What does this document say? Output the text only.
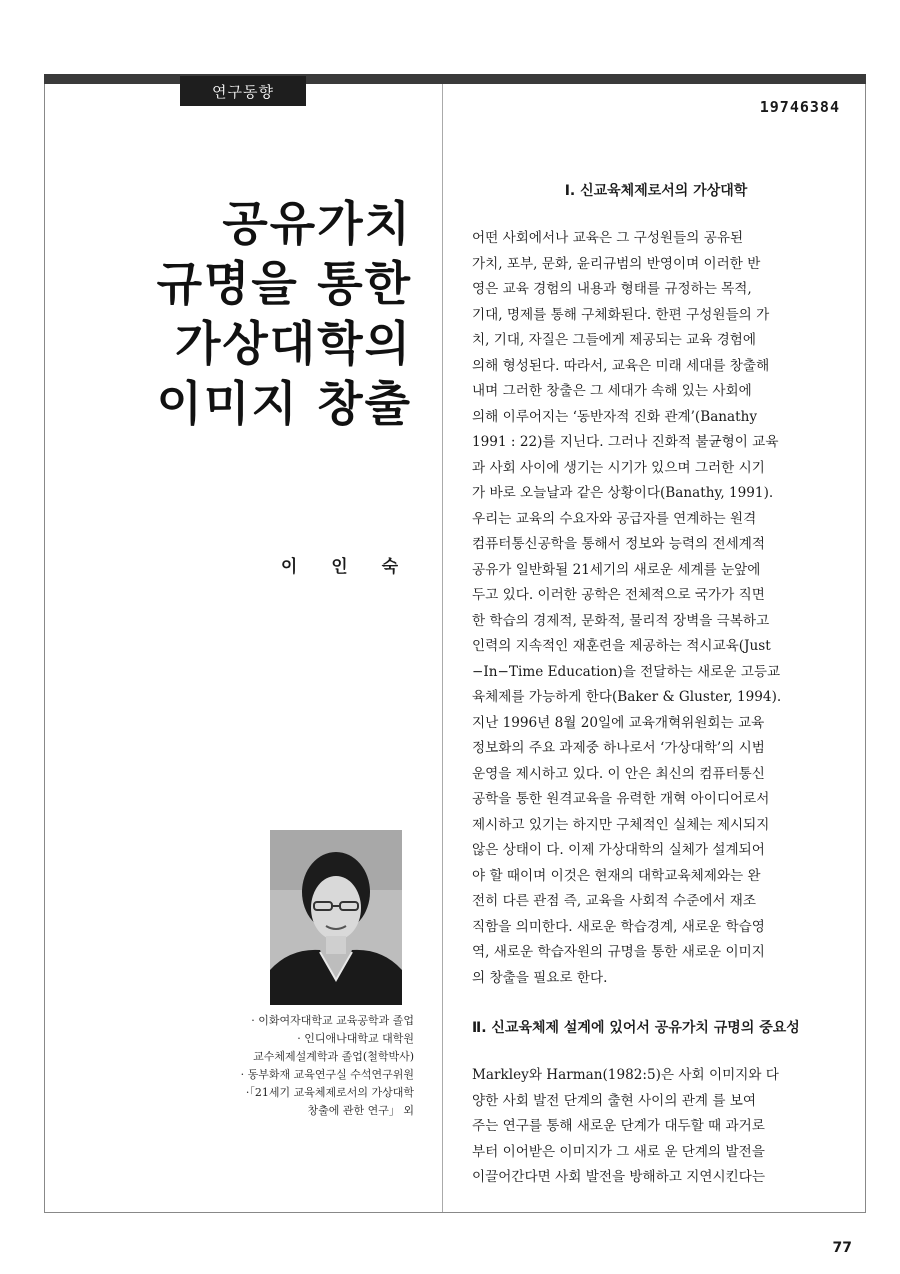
연구동향
19746384
공유가치
규명을 통한
가상대학의
이미지 창출
이 인 숙
· 이화여자대학교 교육공학과 졸업
· 인디애나대학교 대학원
교수체제설계학과 졸업(철학박사)
· 동부화재 교육연구실 수석연구위원
·「21세기 교육체제로서의 가상대학
창출에 관한 연구」 외

Ⅰ. 신교육체제로서의 가상대학

어떤 사회에서나 교육은 그 구성원들의 공유된
가치, 포부, 문화, 윤리규범의 반영이며 이러한 반
영은 교육 경험의 내용과 형태를 규정하는 목적,
기대, 명제를 통해 구체화된다. 한편 구성원들의 가
치, 기대, 자질은 그들에게 제공되는 교육 경험에
의해 형성된다. 따라서, 교육은 미래 세대를 창출해
내며 그러한 창출은 그 세대가 속해 있는 사회에
의해 이루어지는 ‘동반자적 진화 관계’(Banathy
1991 : 22)를 지닌다. 그러나 진화적 불균형이 교육
과 사회 사이에 생기는 시기가 있으며 그러한 시기
가 바로 오늘날과 같은 상황이다(Banathy, 1991).
우리는 교육의 수요자와 공급자를 연계하는 원격
컴퓨터통신공학을 통해서 정보와 능력의 전세계적
공유가 일반화될 21세기의 새로운 세계를 눈앞에
두고 있다. 이러한 공학은 전체적으로 국가가 직면
한 학습의 경제적, 문화적, 물리적 장벽을 극복하고
인력의 지속적인 재훈련을 제공하는 적시교육(Just
−In−Time Education)을 전달하는 새로운 고등교
육체제를 가능하게 한다(Baker & Gluster, 1994).
지난 1996년 8월 20일에 교육개혁위원회는 교육
정보화의 주요 과제중 하나로서 ‘가상대학’의 시범
운영을 제시하고 있다. 이 안은 최신의 컴퓨터통신
공학을 통한 원격교육을 유력한 개혁 아이디어로서
제시하고 있기는 하지만 구체적인 실체는 제시되지
않은 상태이 다. 이제 가상대학의 실체가 설계되어
야 할 때이며 이것은 현재의 대학교육체제와는 완
전히 다른 관점 즉, 교육을 사회적 수준에서 재조
직함을 의미한다. 새로운 학습경계, 새로운 학습영
역, 새로운 학습자원의 규명을 통한 새로운 이미지
의 창출을 필요로 한다.

Ⅱ. 신교육체제 설계에 있어서 공유가치 규명의 중요성

Markley와 Harman(1982:5)은 사회 이미지와 다
양한 사회 발전 단계의 출현 사이의 관계 를 보여
주는 연구를 통해 새로운 단계가 대두할 때 과거로
부터 이어받은 이미지가 그 새로 운 단계의 발전을
이끌어간다면 사회 발전을 방해하고 지연시킨다는
77
